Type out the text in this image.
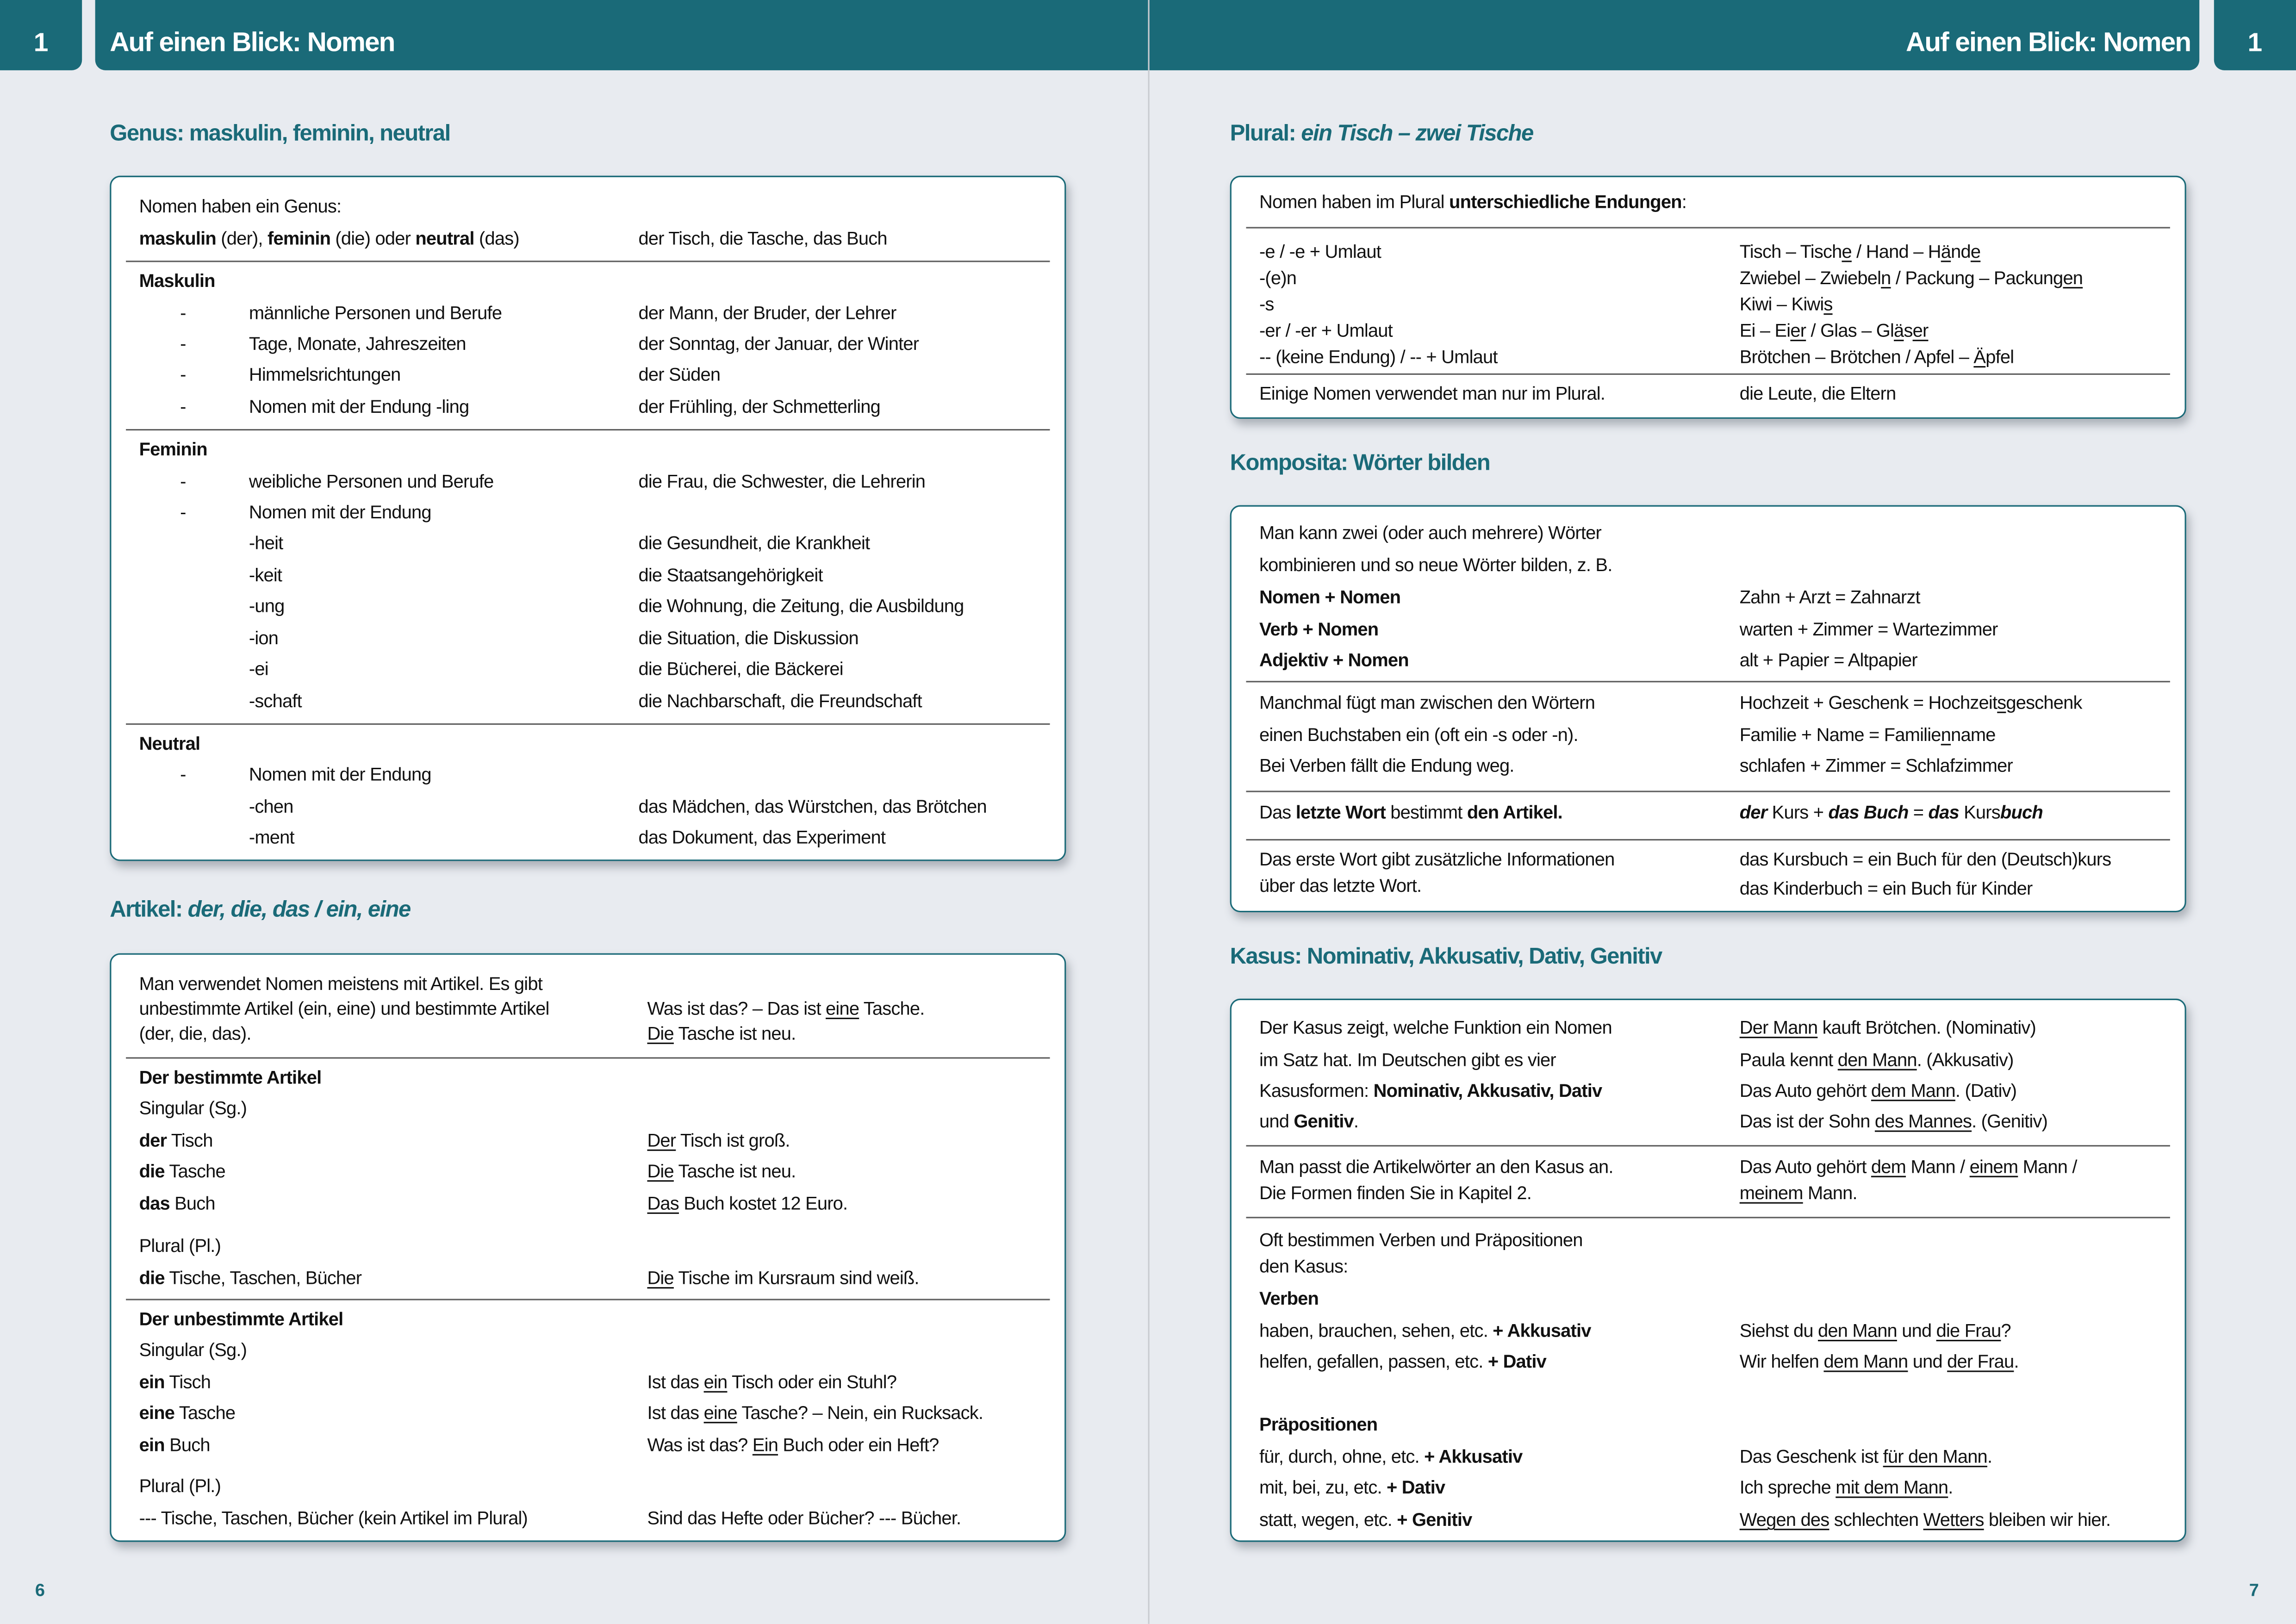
1	Auf einen Blick: Nomen	Auf einen Blick: Nomen	1
Genus: maskulin, feminin, neutral
Artikel: der, die, das / ein, eine
Plural: ein Tisch – zwei Tische
Komposita: Wörter bilden
Kasus: Nominativ, Akkusativ, Dativ, Genitiv
Nomen haben ein Genus:
maskulin (der), feminin (die) oder neutral (das)	der Tisch, die Tasche, das Buch
Maskulin
-	männliche Personen und Berufe	der Mann, der Bruder, der Lehrer
-	Tage, Monate, Jahreszeiten	der Sonntag, der Januar, der Winter
-	Himmelsrichtungen	der Süden
-	Nomen mit der Endung -ling	der Frühling, der Schmetterling
Feminin
-	weibliche Personen und Berufe	die Frau, die Schwester, die Lehrerin
-	Nomen mit der Endung
-heit	die Gesundheit, die Krankheit
-keit	die Staatsangehörigkeit
-ung	die Wohnung, die Zeitung, die Ausbildung
-ion	die Situation, die Diskussion
-ei	die Bücherei, die Bäckerei
-schaft	die Nachbarschaft, die Freundschaft
Neutral
-	Nomen mit der Endung
-chen	das Mädchen, das Würstchen, das Brötchen
-ment	das Dokument, das Experiment
Man verwendet Nomen meistens mit Artikel. Es gibt
unbestimmte Artikel (ein, eine) und bestimmte Artikel	Was ist das? – Das ist eine Tasche.
(der, die, das).	Die Tasche ist neu.
Der bestimmte Artikel
Singular (Sg.)
der Tisch	Der Tisch ist groß.
die Tasche	Die Tasche ist neu.
das Buch	Das Buch kostet 12 Euro.
Plural (Pl.)
die Tische, Taschen, Bücher	Die Tische im Kursraum sind weiß.
Der unbestimmte Artikel
Singular (Sg.)
ein Tisch	Ist das ein Tisch oder ein Stuhl?
eine Tasche	Ist das eine Tasche? – Nein, ein Rucksack.
ein Buch	Was ist das? Ein Buch oder ein Heft?
Plural (Pl.)
--- Tische, Taschen, Bücher (kein Artikel im Plural)	Sind das Hefte oder Bücher? --- Bücher.
Nomen haben im Plural unterschiedliche Endungen:
-e / -e + Umlaut	Tisch – Tische / Hand – Hände
-(e)n	Zwiebel – Zwiebeln / Packung – Packungen
-s	Kiwi – Kiwis
-er / -er + Umlaut	Ei – Eier / Glas – Gläser
-- (keine Endung) / -- + Umlaut	Brötchen – Brötchen / Apfel – Äpfel
Einige Nomen verwendet man nur im Plural.	die Leute, die Eltern
Man kann zwei (oder auch mehrere) Wörter
kombinieren und so neue Wörter bilden, z. B.
Nomen + Nomen	Zahn + Arzt = Zahnarzt
Verb + Nomen	warten + Zimmer = Wartezimmer
Adjektiv + Nomen	alt + Papier = Altpapier
Manchmal fügt man zwischen den Wörtern	Hochzeit + Geschenk = Hochzeitsgeschenk
einen Buchstaben ein (oft ein -s oder -n).	Familie + Name = Familienname
Bei Verben fällt die Endung weg.	schlafen + Zimmer = Schlafzimmer
Das letzte Wort bestimmt den Artikel.	der Kurs + das Buch = das Kursbuch
Das erste Wort gibt zusätzliche Informationen	das Kursbuch = ein Buch für den (Deutsch)kurs
über das letzte Wort.	das Kinderbuch = ein Buch für Kinder
Der Kasus zeigt, welche Funktion ein Nomen	Der Mann kauft Brötchen. (Nominativ)
im Satz hat. Im Deutschen gibt es vier	Paula kennt den Mann. (Akkusativ)
Kasusformen: Nominativ, Akkusativ, Dativ	Das Auto gehört dem Mann. (Dativ)
und Genitiv.	Das ist der Sohn des Mannes. (Genitiv)
Man passt die Artikelwörter an den Kasus an.	Das Auto gehört dem Mann / einem Mann /
Die Formen finden Sie in Kapitel 2.	meinem Mann.
Oft bestimmen Verben und Präpositionen
den Kasus:
Verben
haben, brauchen, sehen, etc. + Akkusativ	Siehst du den Mann und die Frau?
helfen, gefallen, passen, etc. + Dativ	Wir helfen dem Mann und der Frau.
Präpositionen
für, durch, ohne, etc. + Akkusativ	Das Geschenk ist für den Mann.
mit, bei, zu, etc. + Dativ	Ich spreche mit dem Mann.
statt, wegen, etc. + Genitiv	Wegen des schlechten Wetters bleiben wir hier.
6	7
